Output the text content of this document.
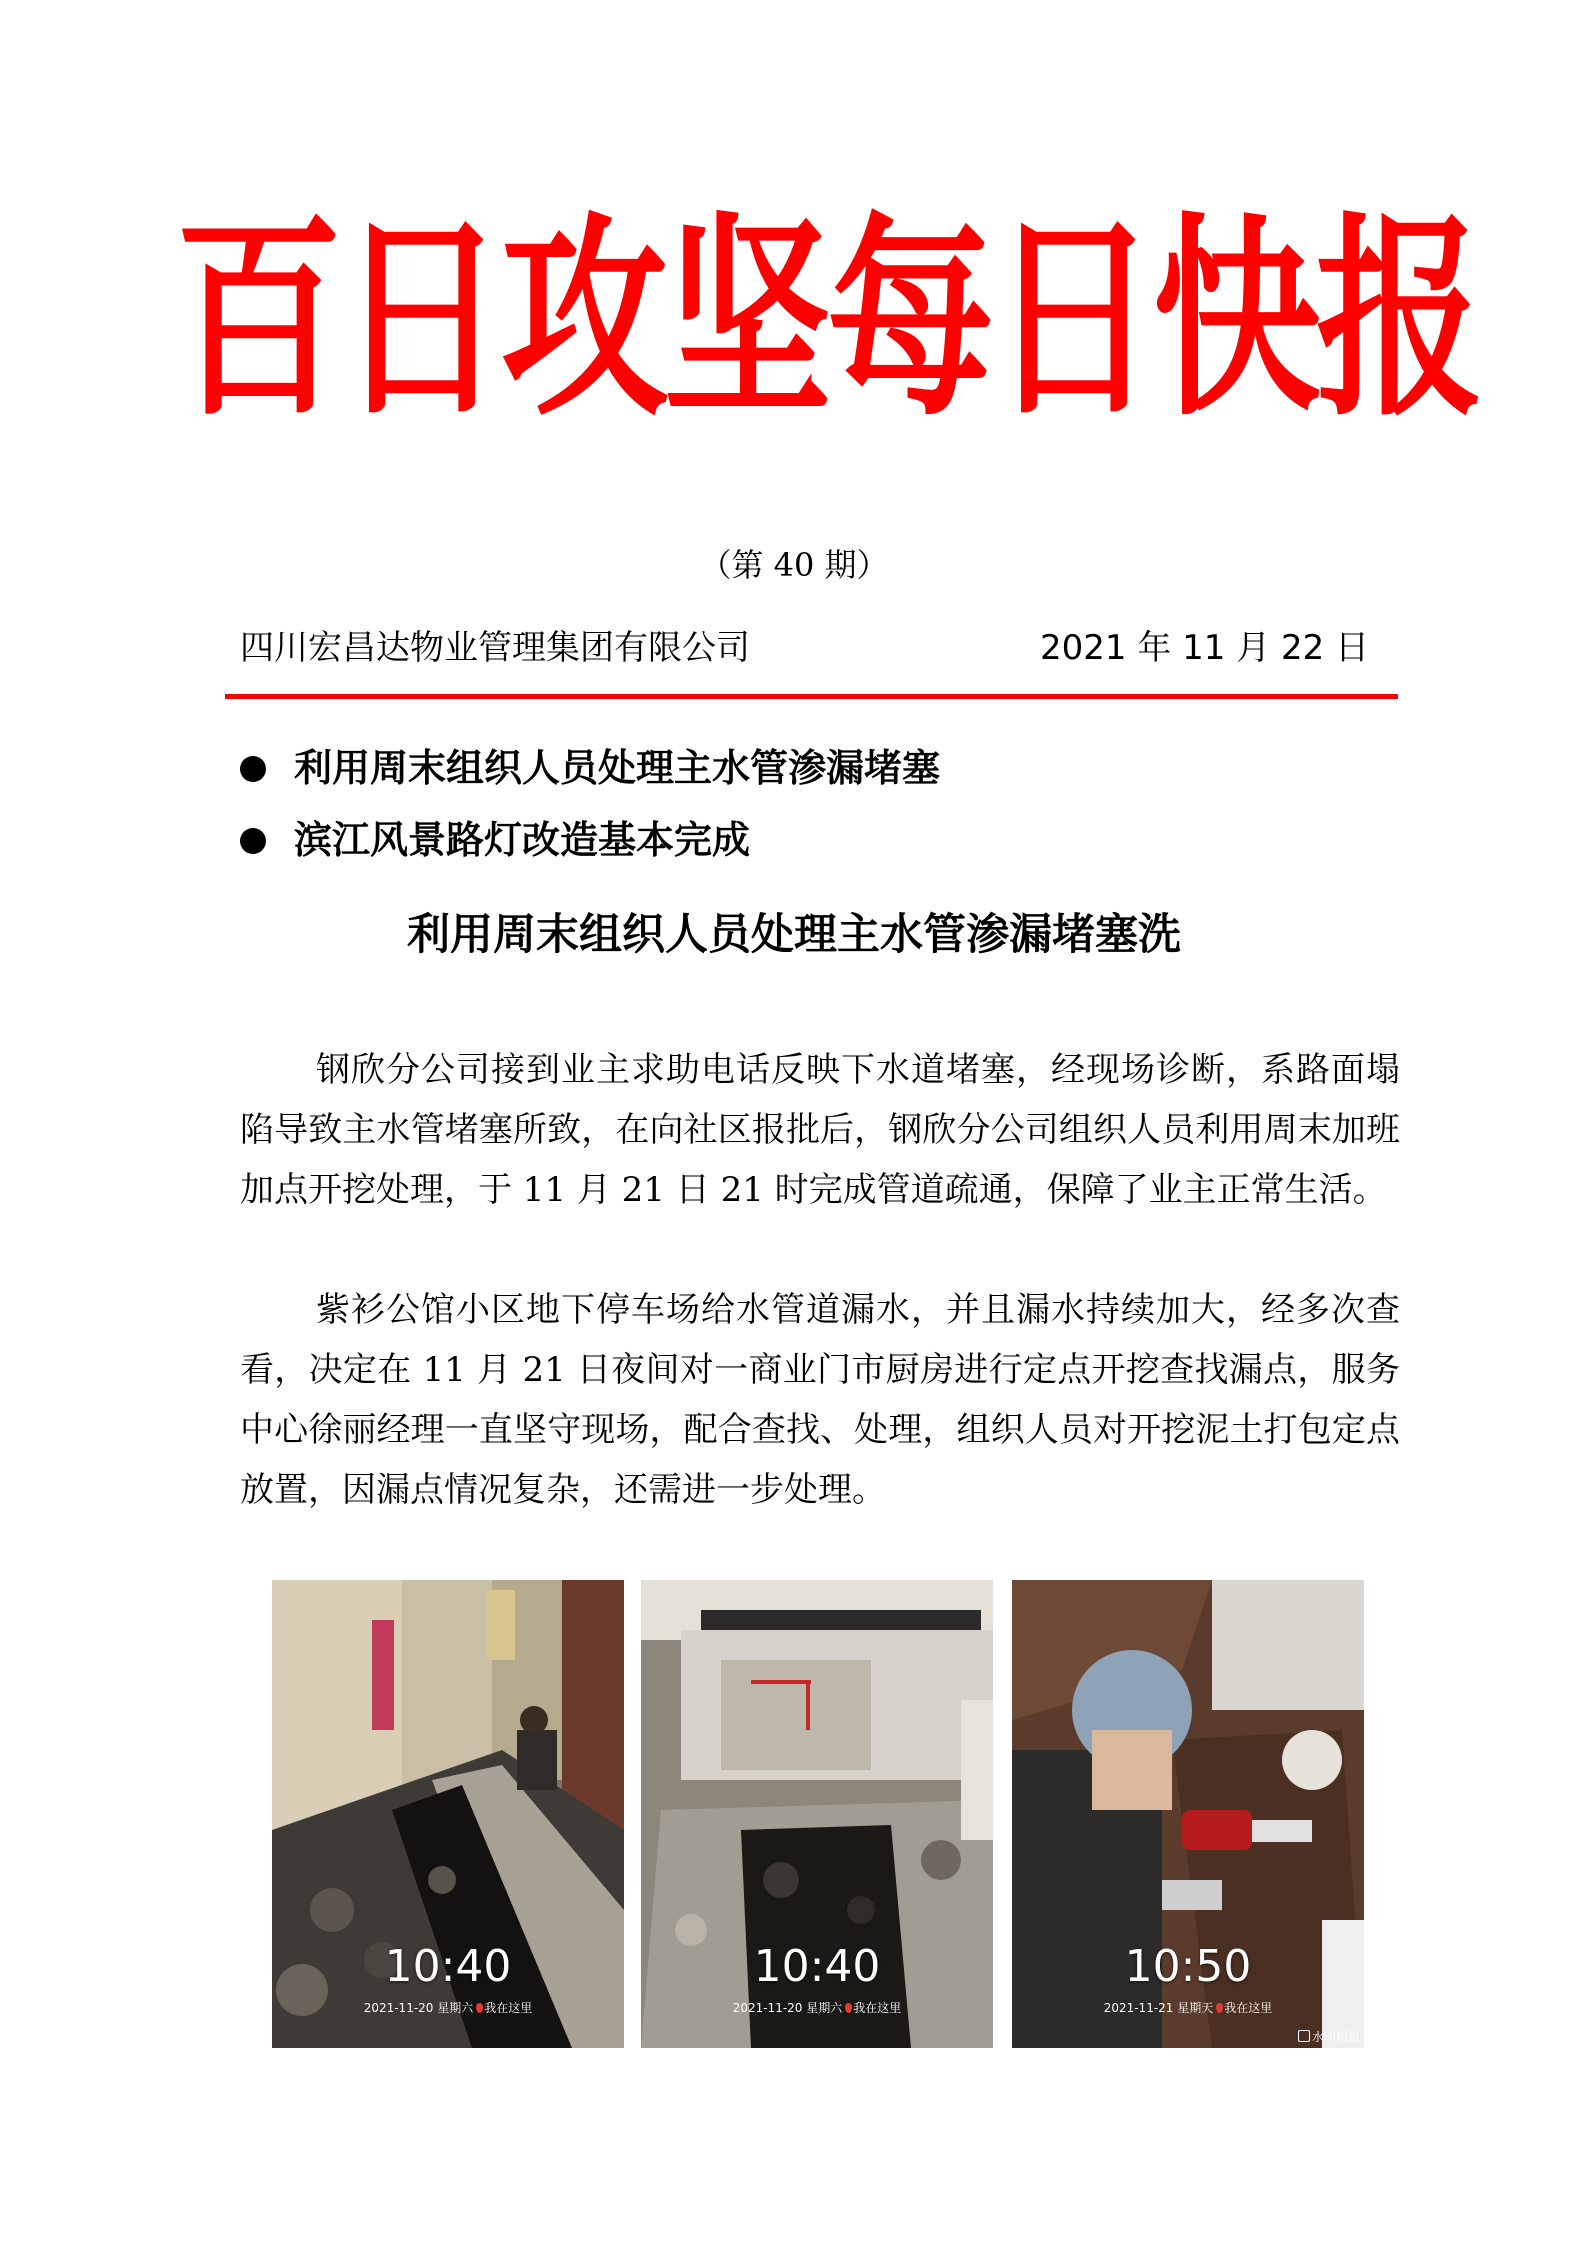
百日攻坚每日快报
（第 40 期）
四川宏昌达物业管理集团有限公司	2021 年 11 月 22 日
利用周末组织人员处理主水管渗漏堵塞
滨江风景路灯改造基本完成
利用周末组织人员处理主水管渗漏堵塞洗

钢欣分公司接到业主求助电话反映下水道堵塞，经现场诊断，系路面塌陷导致主水管堵塞所致，在向社区报批后，钢欣分公司组织人员利用周末加班加点开挖处理，于 11 月 21 日 21 时完成管道疏通，保障了业主正常生活。

紫衫公馆小区地下停车场给水管道漏水，并且漏水持续加大，经多次查看，决定在 11 月 21 日夜间对一商业门市厨房进行定点开挖查找漏点，服务中心徐丽经理一直坚守现场，配合查找、处理，组织人员对开挖泥土打包定点放置，因漏点情况复杂，还需进一步处理。

10:40
2021-11-20 星期六 我在这里
10:40
2021-11-20 星期六 我在这里
10:50
2021-11-21 星期天 我在这里
水印相机
